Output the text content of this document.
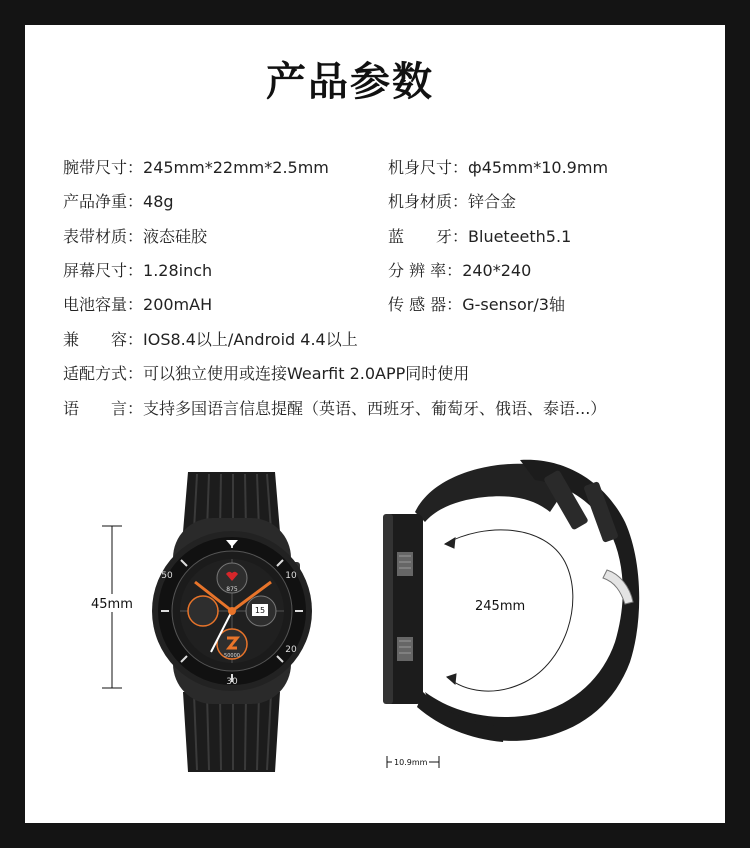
产品参数
腕带尺寸：245mm*22mm*2.5mm
产品净重：48g
表带材质：液态硅胶
屏幕尺寸：1.28inch
电池容量：200mAH
机身尺寸：ф45mm*10.9mm
机身材质：锌合金
蓝　　牙：Blueteeth5.1
分 辨 率：240*240
传 感 器：G-sensor/3轴
兼　　容：IOS8.4以上/Android 4.4以上
适配方式：可以独立使用或连接Wearfit 2.0APP同时使用
语　　言：支持多国语言信息提醒（英语、西班牙、葡萄牙、俄语、泰语...）
50	10
20
30
875
15
50000
45mm	245mm
10.9mm
